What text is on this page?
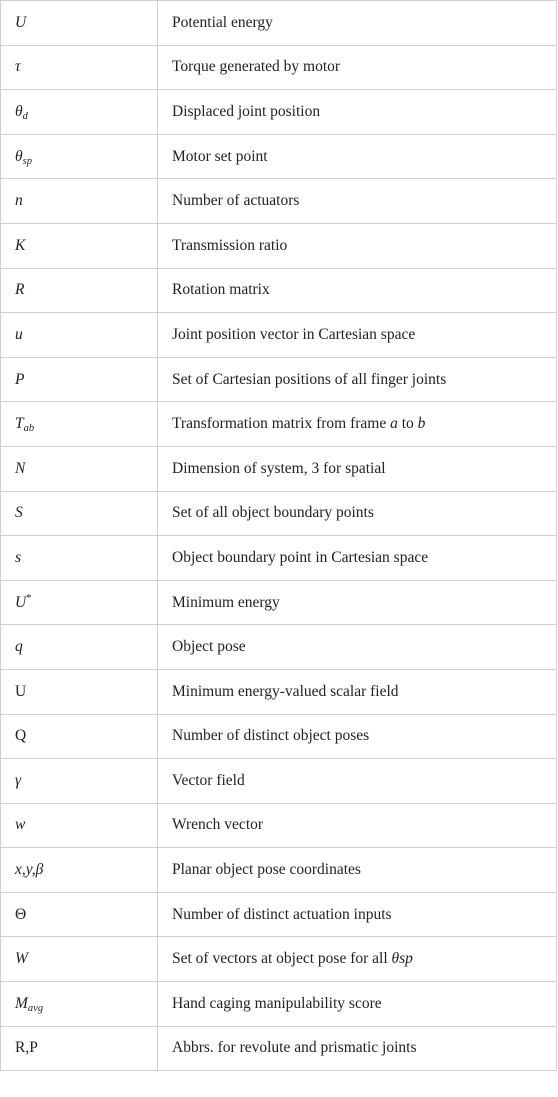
U	Potential energy
τ	Torque generated by motor
$\theta_d$	Displaced joint position
$\theta_{sp}$	Motor set point
n	Number of actuators
K	Transmission ratio
R	Rotation matrix
u	Joint position vector in Cartesian space
P	Set of Cartesian positions of all finger joints
$T_{ab}$	Transformation matrix from frame a to b
N	Dimension of system, 3 for spatial
S	Set of all object boundary points
s	Object boundary point in Cartesian space
U*	Minimum energy
q	Object pose
U	Minimum energy-valued scalar field
Q	Number of distinct object poses
γ	Vector field
w	Wrench vector
x,y,β	Planar object pose coordinates
Θ	Number of distinct actuation inputs
W	Set of vectors at object pose for all θsp
$M_{avg}$	Hand caging manipulability score
R,P	Abbrs. for revolute and prismatic joints
